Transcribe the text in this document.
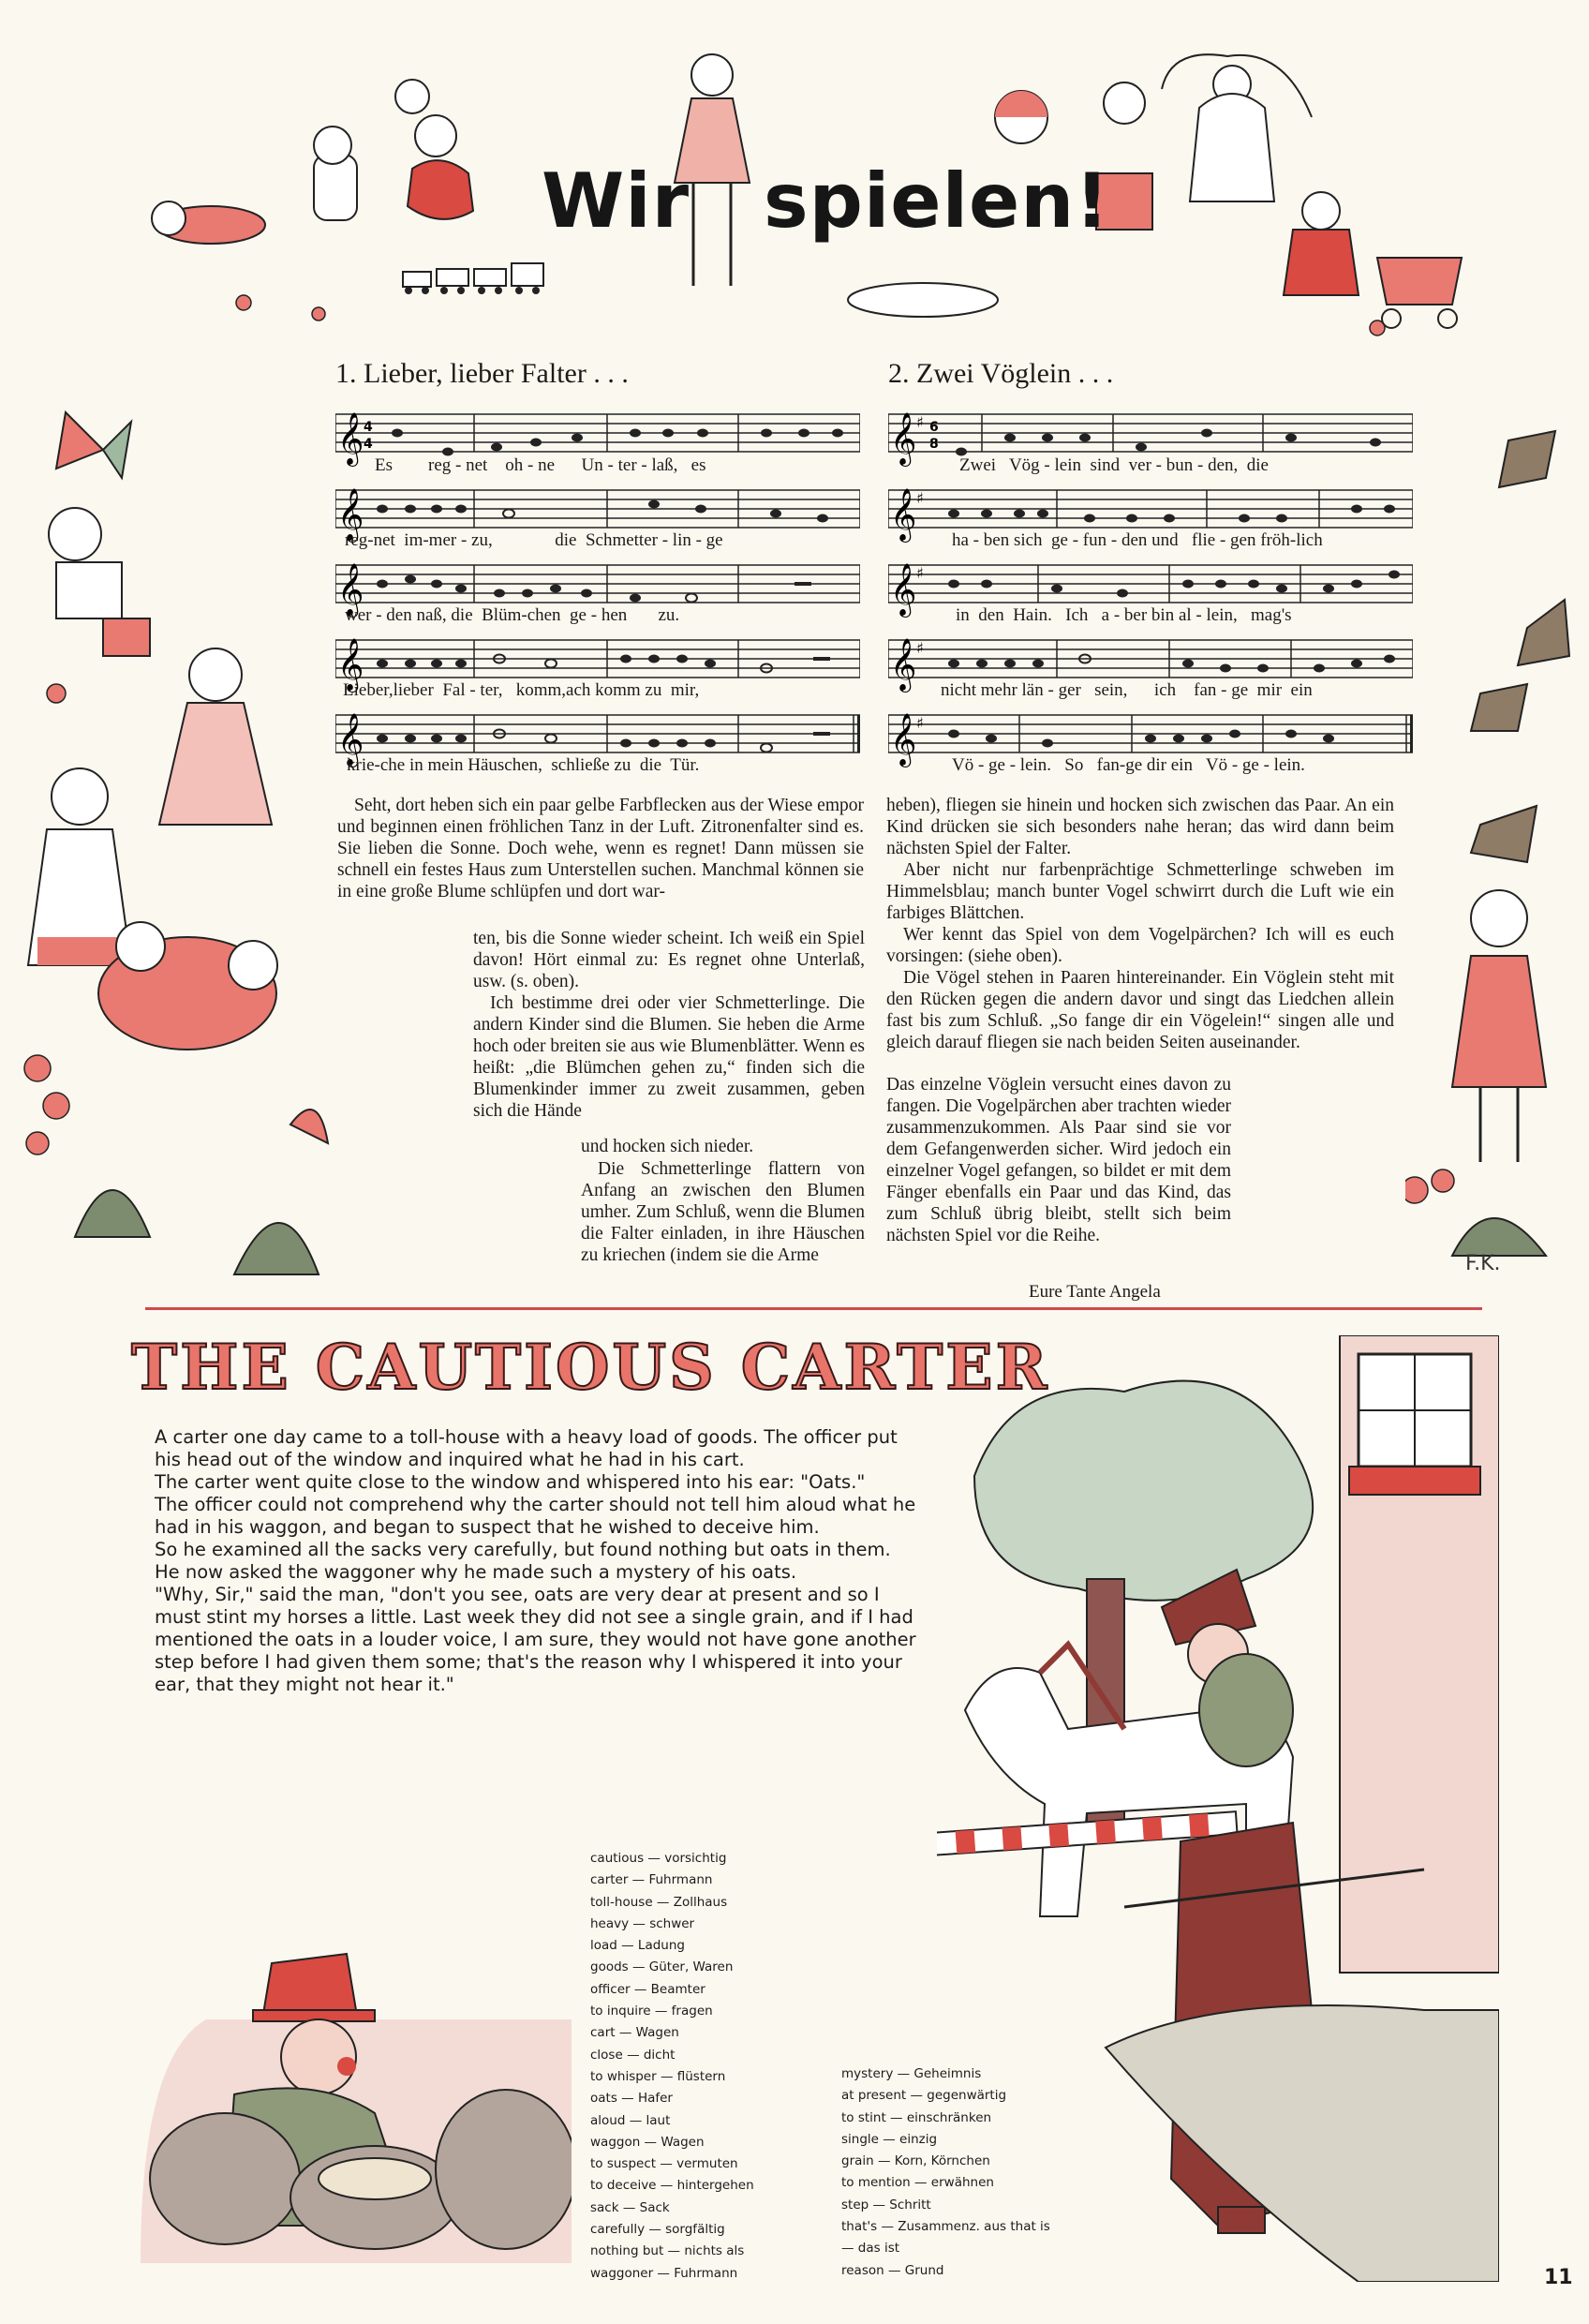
Wir spielen!
1. Lieber, lieber Falter . . .	2. Zwei Vöglein . . .
𝄞 4
4
Es        reg - net    oh - ne      Un - ter - laß,   es
𝄞
reg-net  im-mer - zu,              die  Schmetter - lin - ge
𝄞
wer - den naß, die  Blüm-chen  ge - hen       zu.
𝄞
Lieber,lieber  Fal - ter,   komm,ach komm zu  mir,
𝄞
krie-che in mein Häuschen,  schließe zu  die  Tür.
𝄞 ♯ 6
8
Zwei   Vög - lein  sind  ver - bun - den,  die
𝄞 ♯
ha - ben sich  ge - fun - den und   flie - gen fröh-lich
𝄞 ♯
in  den  Hain.   Ich   a - ber bin al - lein,   mag's
𝄞 ♯
nicht mehr län - ger   sein,      ich    fan - ge  mir  ein
𝄞 ♯
Vö - ge - lein.   So   fan-ge dir ein   Vö - ge - lein.

Seht, dort heben sich ein paar gelbe Farbflecken aus der Wiese empor und beginnen einen fröhlichen Tanz in der Luft. Zitronenfalter sind es. Sie lieben die Sonne. Doch wehe, wenn es regnet! Dann müssen sie schnell ein festes Haus zum Unterstellen suchen. Manchmal können sie in eine große Blume schlüpfen und dort war-

ten, bis die Sonne wieder scheint. Ich weiß ein Spiel davon! Hört einmal zu: Es regnet ohne Unterlaß, usw. (s. oben).

Ich bestimme drei oder vier Schmetterlinge. Die andern Kinder sind die Blumen. Sie heben die Arme hoch oder breiten sie aus wie Blumenblätter. Wenn es heißt: „die Blümchen gehen zu,“ finden sich die Blumenkinder immer zu zweit zusammen, geben sich die Hände

und hocken sich nieder.

Die Schmetterlinge flattern von Anfang an zwischen den Blumen umher. Zum Schluß, wenn die Blumen die Falter einladen, in ihre Häuschen zu kriechen (indem sie die Arme

heben), fliegen sie hinein und hocken sich zwischen das Paar. An ein Kind drücken sie sich besonders nahe heran; das wird dann beim nächsten Spiel der Falter.

Aber nicht nur farbenprächtige Schmetterlinge schweben im Himmelsblau; manch bunter Vogel schwirrt durch die Luft wie ein farbiges Blättchen.

Wer kennt das Spiel von dem Vogelpärchen? Ich will es euch vorsingen: (siehe oben).

Die Vögel stehen in Paaren hintereinander. Ein Vöglein steht mit den Rücken gegen die andern davor und singt das Liedchen allein fast bis zum Schluß. „So fange dir ein Vögelein!“ singen alle und gleich darauf fliegen sie nach beiden Seiten auseinander.

Das einzelne Vöglein versucht eines davon zu fangen. Die Vogelpärchen aber trachten wieder zusammenzukommen. Als Paar sind sie vor dem Gefangenwerden sicher. Wird jedoch ein einzelner Vogel gefangen, so bildet er mit dem Fänger ebenfalls ein Paar und das Kind, das zum Schluß übrig bleibt, stellt sich beim nächsten Spiel vor die Reihe.

Eure Tante Angela
F.K.
THE CAUTIOUS CARTER

A carter one day came to a toll-house with a heavy load of goods. The officer put his head out of the window and inquired what he had in his cart.

The carter went quite close to the window and whispered into his ear: "Oats."

The officer could not comprehend why the carter should not tell him aloud what he had in his waggon, and began to suspect that he wished to deceive him.

So he examined all the sacks very carefully, but found nothing but oats in them. He now asked the waggoner why he made such a mystery of his oats.

"Why, Sir," said the man, "don't you see, oats are very dear at present and so I must stint my horses a little. Last week they did not see a single grain, and if I had mentioned the oats in a louder voice, I am sure, they would not have gone another step before I had given them some; that's the reason why I whispered it into your ear, that they might not hear it."

cautious — vorsichtig
carter — Fuhrmann
toll-house — Zollhaus
heavy — schwer
load — Ladung
goods — Güter, Waren
officer — Beamter
to inquire — fragen
cart — Wagen
close — dicht
to whisper — flüstern
oats — Hafer
aloud — laut
waggon — Wagen
to suspect — vermuten
to deceive — hintergehen
sack — Sack
carefully — sorgfältig
nothing but — nichts als
waggoner — Fuhrmann
mystery — Geheimnis
at present — gegenwärtig
to stint — einschränken
single — einzig
grain — Korn, Körnchen
to mention — erwähnen
step — Schritt
that's — Zusammenz. aus that is — das ist
reason — Grund	11
